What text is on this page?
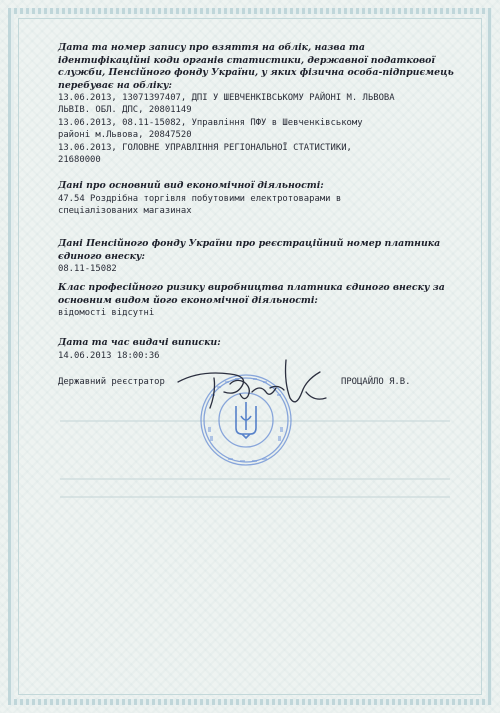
Дата та номер запису про взяття на облік, назва та ідентифікаційні коди органів статистики, державної податкової служби, Пенсійного фонду України, у яких фізична особа-підприємець перебуває на обліку:

13.06.2013, 13071397407, ДПІ У ШЕВЧЕНКІВСЬКОМУ РАЙОНІ М. ЛЬВОВА

ЛЬВІВ. ОБЛ. ДПС, 20801149

13.06.2013, 08.11-15082, Управління ПФУ в Шевченківському

районі м.Львова, 20847520

13.06.2013, ГОЛОВНЕ УПРАВЛІННЯ РЕГІОНАЛЬНОЇ СТАТИСТИКИ,

21680000

Дані про основний вид економічної діяльності:

47.54 Роздрібна торгівля побутовими електротоварами в

спеціалізованих магазинах

Дані Пенсійного фонду України про реєстраційний номер платника єдиного внеску:

08.11-15082

Клас професійного ризику виробництва платника єдиного внеску за основним видом його економічної діяльності:

відомості відсутні

Дата та час видачі виписки:

14.06.2013 18:00:36

Державний реєстратор	ПРОЦАЙЛО Я.В.
